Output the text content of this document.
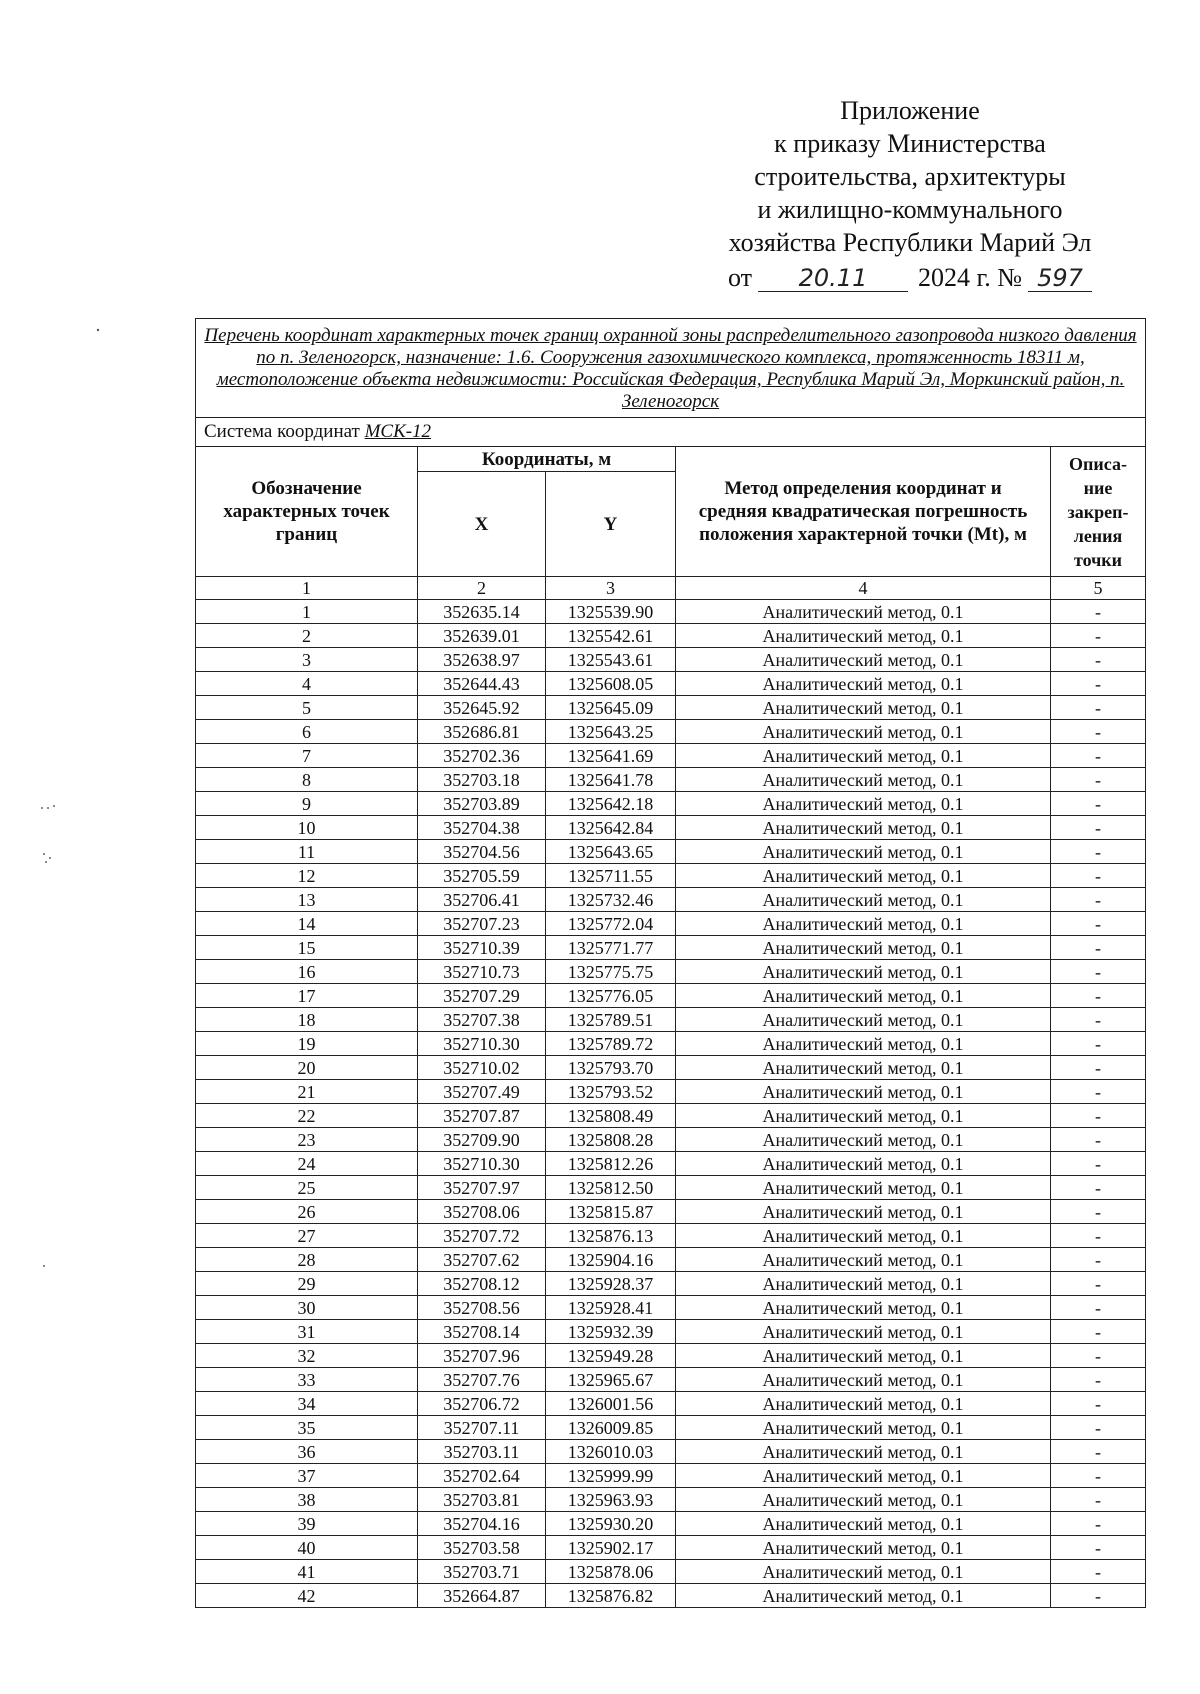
Приложение
к приказу Министерства
строительства, архитектуры
и жилищно-коммунального
хозяйства Республики Марий Эл
от 20.11 2024 г. № 597
Перечень координат характерных точек границ охранной зоны распределительного газопровода низкого давления по п. Зеленогорск, назначение: 1.6. Сооружения газохимического комплекса, протяженность 18311 м, местоположение объекта недвижимости: Российская Федерация, Республика Марий Эл, Моркинский район, п. Зеленогорск				
Система координат МСК-12				
Обозначение характерных точек границ	Координаты, м		Метод определения координат и средняя квадратическая погрешность положения характерной точки (Mt), м	Описа-ние закреп-ления точки
	X	Y		
1	2	3	4	5
1	352635.14	1325539.90	Аналитический метод, 0.1	-
2	352639.01	1325542.61	Аналитический метод, 0.1	-
3	352638.97	1325543.61	Аналитический метод, 0.1	-
4	352644.43	1325608.05	Аналитический метод, 0.1	-
5	352645.92	1325645.09	Аналитический метод, 0.1	-
6	352686.81	1325643.25	Аналитический метод, 0.1	-
7	352702.36	1325641.69	Аналитический метод, 0.1	-
8	352703.18	1325641.78	Аналитический метод, 0.1	-
9	352703.89	1325642.18	Аналитический метод, 0.1	-
10	352704.38	1325642.84	Аналитический метод, 0.1	-
11	352704.56	1325643.65	Аналитический метод, 0.1	-
12	352705.59	1325711.55	Аналитический метод, 0.1	-
13	352706.41	1325732.46	Аналитический метод, 0.1	-
14	352707.23	1325772.04	Аналитический метод, 0.1	-
15	352710.39	1325771.77	Аналитический метод, 0.1	-
16	352710.73	1325775.75	Аналитический метод, 0.1	-
17	352707.29	1325776.05	Аналитический метод, 0.1	-
18	352707.38	1325789.51	Аналитический метод, 0.1	-
19	352710.30	1325789.72	Аналитический метод, 0.1	-
20	352710.02	1325793.70	Аналитический метод, 0.1	-
21	352707.49	1325793.52	Аналитический метод, 0.1	-
22	352707.87	1325808.49	Аналитический метод, 0.1	-
23	352709.90	1325808.28	Аналитический метод, 0.1	-
24	352710.30	1325812.26	Аналитический метод, 0.1	-
25	352707.97	1325812.50	Аналитический метод, 0.1	-
26	352708.06	1325815.87	Аналитический метод, 0.1	-
27	352707.72	1325876.13	Аналитический метод, 0.1	-
28	352707.62	1325904.16	Аналитический метод, 0.1	-
29	352708.12	1325928.37	Аналитический метод, 0.1	-
30	352708.56	1325928.41	Аналитический метод, 0.1	-
31	352708.14	1325932.39	Аналитический метод, 0.1	-
32	352707.96	1325949.28	Аналитический метод, 0.1	-
33	352707.76	1325965.67	Аналитический метод, 0.1	-
34	352706.72	1326001.56	Аналитический метод, 0.1	-
35	352707.11	1326009.85	Аналитический метод, 0.1	-
36	352703.11	1326010.03	Аналитический метод, 0.1	-
37	352702.64	1325999.99	Аналитический метод, 0.1	-
38	352703.81	1325963.93	Аналитический метод, 0.1	-
39	352704.16	1325930.20	Аналитический метод, 0.1	-
40	352703.58	1325902.17	Аналитический метод, 0.1	-
41	352703.71	1325878.06	Аналитический метод, 0.1	-
42	352664.87	1325876.82	Аналитический метод, 0.1	-
